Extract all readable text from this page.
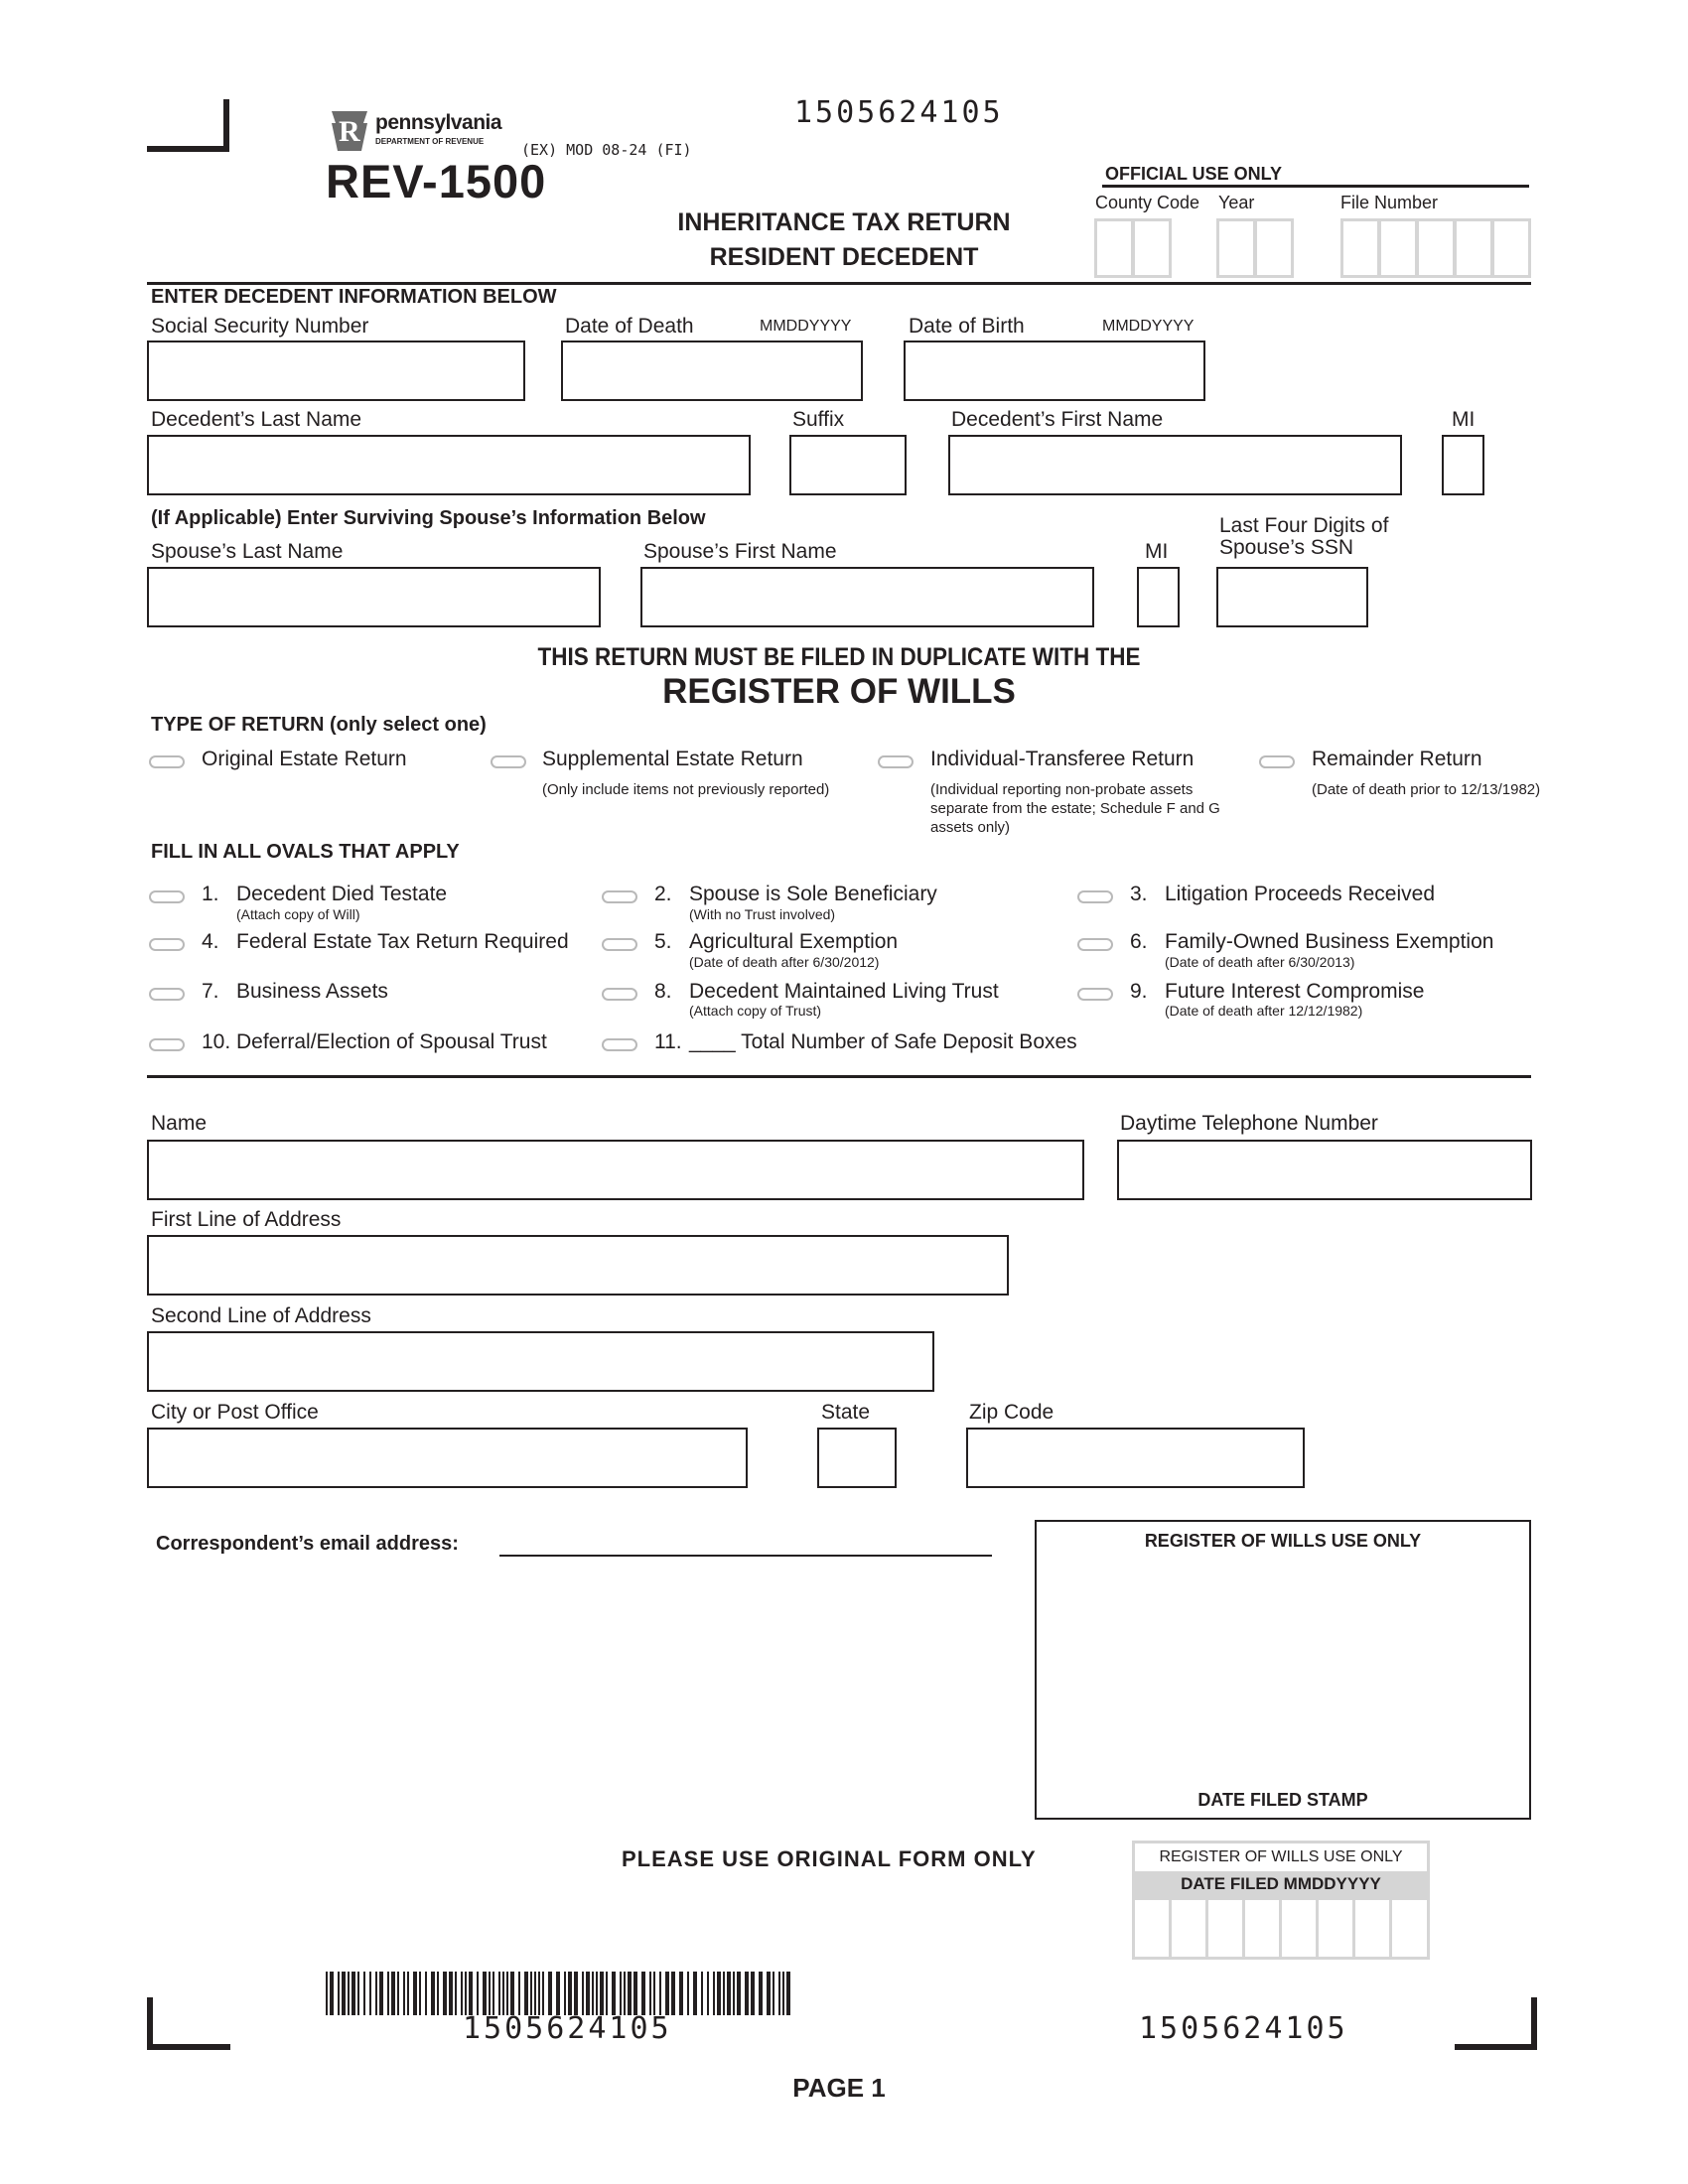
1505624105
R pennsylvania
DEPARTMENT OF REVENUE	(EX) MOD 08-24 (FI)
REV-1500
INHERITANCE TAX RETURN
RESIDENT DECEDENT
OFFICIAL USE ONLY
County Code Year	File Number
ENTER DECEDENT INFORMATION BELOW
Social Security Number	Date of Death	MMDDYYYY	Date of Birth	MMDDYYYY
Decedent’s Last Name	Suffix	Decedent’s First Name	MI
(If Applicable) Enter Surviving Spouse’s Information Below	Last Four Digits of
Spouse’s SSN
Spouse’s Last Name	Spouse’s First Name	MI
THIS RETURN MUST BE FILED IN DUPLICATE WITH THE
REGISTER OF WILLS
TYPE OF RETURN (only select one)
Original Estate Return	Supplemental Estate Return
(Only include items not previously reported)
Individual-Transferee Return
(Individual reporting non-probate assets separate from the estate; Schedule F and G assets only)
Remainder Return
(Date of death prior to 12/13/1982)
FILL IN ALL OVALS THAT APPLY
1. Decedent Died Testate
(Attach copy of Will)
4. Federal Estate Tax Return Required
7. Business Assets
10. Deferral/Election of Spousal Trust
2. Spouse is Sole Beneficiary
(With no Trust involved)
5. Agricultural Exemption
(Date of death after 6/30/2012)
8. Decedent Maintained Living Trust
(Attach copy of Trust)
11. ____ Total Number of Safe Deposit Boxes
3. Litigation Proceeds Received
6. Family-Owned Business Exemption
(Date of death after 6/30/2013)
9. Future Interest Compromise
(Date of death after 12/12/1982)
Name	Daytime Telephone Number
First Line of Address
Second Line of Address
City or Post Office	State	Zip Code
Correspondent’s email address:	REGISTER OF WILLS USE ONLY
DATE FILED STAMP
PLEASE USE ORIGINAL FORM ONLY	REGISTER OF WILLS USE ONLY
DATE FILED MMDDYYYY
1505624105	1505624105
PAGE 1
